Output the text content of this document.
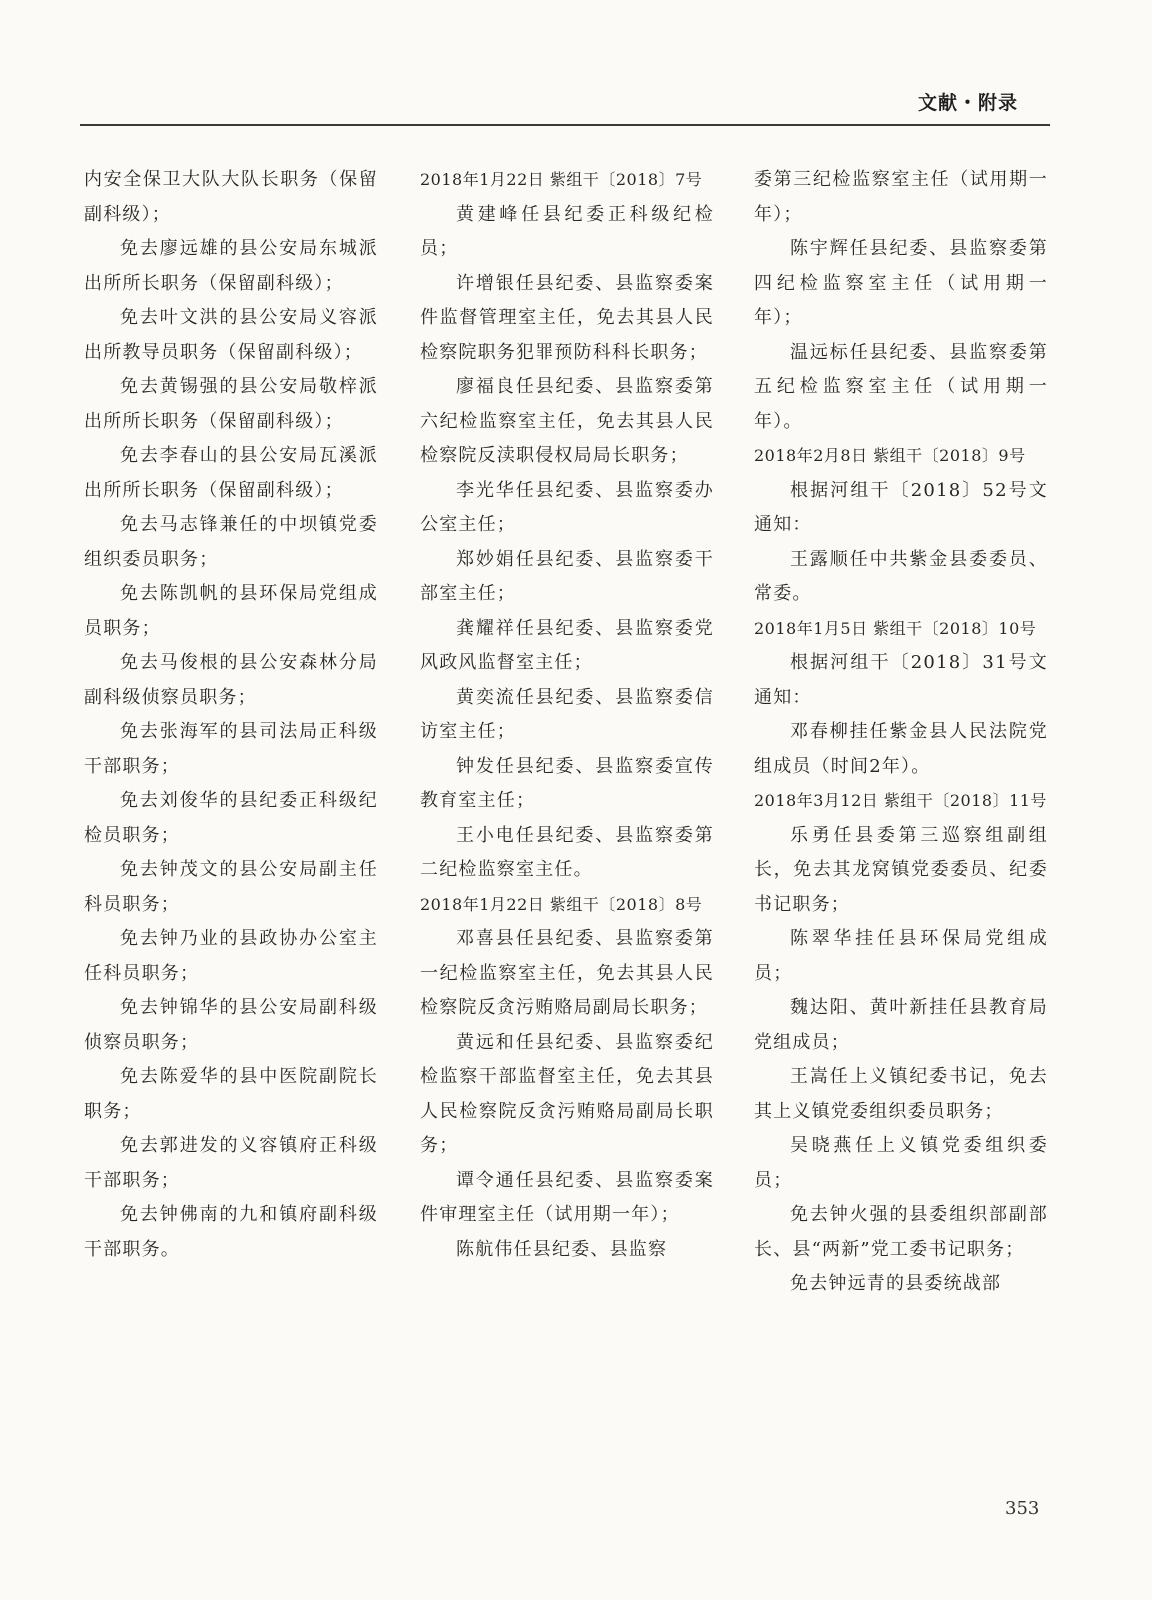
文献・附录

内安全保卫大队大队长职务（保留副科级）；

免去廖远雄的县公安局东城派出所所长职务（保留副科级）；

免去叶文洪的县公安局义容派出所教导员职务（保留副科级）；

免去黄锡强的县公安局敬梓派出所所长职务（保留副科级）；

免去李春山的县公安局瓦溪派出所所长职务（保留副科级）；

免去马志锋兼任的中坝镇党委组织委员职务；

免去陈凯帆的县环保局党组成员职务；

免去马俊根的县公安森林分局副科级侦察员职务；

免去张海军的县司法局正科级干部职务；

免去刘俊华的县纪委正科级纪检员职务；

免去钟茂文的县公安局副主任科员职务；

免去钟乃业的县政协办公室主任科员职务；

免去钟锦华的县公安局副科级侦察员职务；

免去陈爱华的县中医院副院长职务；

免去郭进发的义容镇府正科级干部职务；

免去钟佛南的九和镇府副科级干部职务。

2018年1月22日 紫组干〔2018〕7号

黄建峰任县纪委正科级纪检员；

许增银任县纪委、县监察委案件监督管理室主任，免去其县人民检察院职务犯罪预防科科长职务；

廖福良任县纪委、县监察委第六纪检监察室主任，免去其县人民检察院反渎职侵权局局长职务；

李光华任县纪委、县监察委办公室主任；

郑妙娟任县纪委、县监察委干部室主任；

龚耀祥任县纪委、县监察委党风政风监督室主任；

黄奕流任县纪委、县监察委信访室主任；

钟发任县纪委、县监察委宣传教育室主任；

王小电任县纪委、县监察委第二纪检监察室主任。

2018年1月22日 紫组干〔2018〕8号

邓喜县任县纪委、县监察委第一纪检监察室主任，免去其县人民检察院反贪污贿赂局副局长职务；

黄远和任县纪委、县监察委纪检监察干部监督室主任，免去其县人民检察院反贪污贿赂局副局长职务；

谭令通任县纪委、县监察委案件审理室主任（试用期一年）；

陈航伟任县纪委、县监察

委第三纪检监察室主任（试用期一年）；

陈宇辉任县纪委、县监察委第四纪检监察室主任（试用期一年）；

温远标任县纪委、县监察委第五纪检监察室主任（试用期一年）。

2018年2月8日 紫组干〔2018〕9号

根据河组干〔2018〕52号文通知：

王露顺任中共紫金县委委员、常委。

2018年1月5日 紫组干〔2018〕10号

根据河组干〔2018〕31号文通知：

邓春柳挂任紫金县人民法院党组成员（时间2年）。

2018年3月12日 紫组干〔2018〕11号

乐勇任县委第三巡察组副组长，免去其龙窝镇党委委员、纪委书记职务；

陈翠华挂任县环保局党组成员；

魏达阳、黄叶新挂任县教育局党组成员；

王嵩任上义镇纪委书记，免去其上义镇党委组织委员职务；

吴晓燕任上义镇党委组织委员；

免去钟火强的县委组织部副部长、县“两新”党工委书记职务；

免去钟远青的县委统战部

353
